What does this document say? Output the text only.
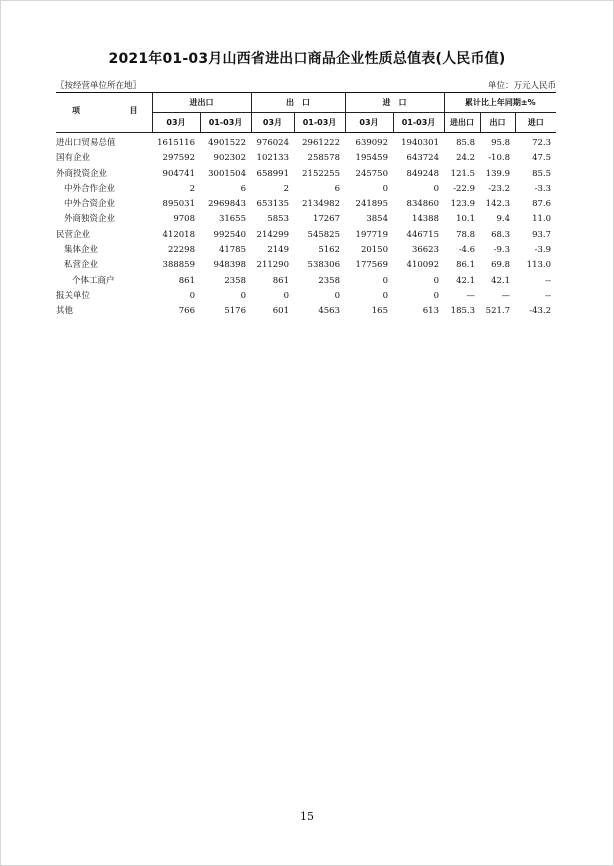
2021年01-03月山西省进出口商品企业性质总值表(人民币值)
〖按经营单位所在地〗	单位：万元人民币
项 目	进出口		出　口		进　口		累计比上年同期±%		
	03月	01-03月	03月	01-03月	03月	01-03月	进出口	出口	进口
进出口贸易总值	1615116	4901522	976024	2961222	639092	1940301	85.8	95.8	72.3
国有企业	297592	902302	102133	258578	195459	643724	24.2	-10.8	47.5
外商投资企业	904741	3001504	658991	2152255	245750	849248	121.5	139.9	85.5
中外合作企业	2	6	2	6	0	0	-22.9	-23.2	-3.3
中外合资企业	895031	2969843	653135	2134982	241895	834860	123.9	142.3	87.6
外商独资企业	9708	31655	5853	17267	3854	14388	10.1	9.4	11.0
民营企业	412018	992540	214299	545825	197719	446715	78.8	68.3	93.7
集体企业	22298	41785	2149	5162	20150	36623	-4.6	-9.3	-3.9
私营企业	388859	948398	211290	538306	177569	410092	86.1	69.8	113.0
个体工商户	861	2358	861	2358	0	0	42.1	42.1	--
报关单位	0	0	0	0	0	0	—	—	--
其他	766	5176	601	4563	165	613	185.3	521.7	-43.2
15
